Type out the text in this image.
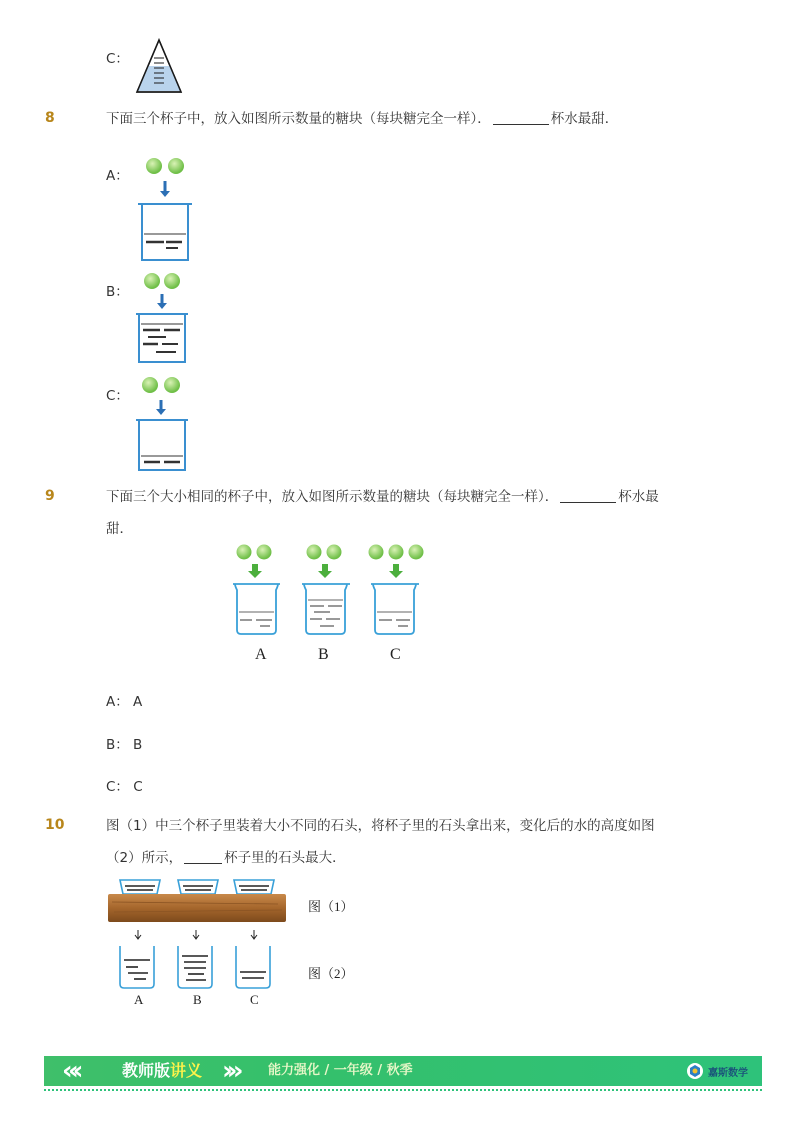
C：
8	下面三个杯子中，放入如图所示数量的糖块（每块糖完全一样）．	杯水最甜．
A：
B：
C：
9	下面三个大小相同的杯子中，放入如图所示数量的糖块（每块糖完全一样）．	杯水最
甜．
A	B	C
A： A
B： B
C： C
10	图（1）中三个杯子里装着大小不同的石头，将杯子里的石头拿出来，变化后的水的高度如图
（2）所示，	杯子里的石头最大．
A	B	C
图（1）
图（2）
«‹	教师版讲义 ›» 能力强化 / 一年级 / 秋季	嘉斯数学
